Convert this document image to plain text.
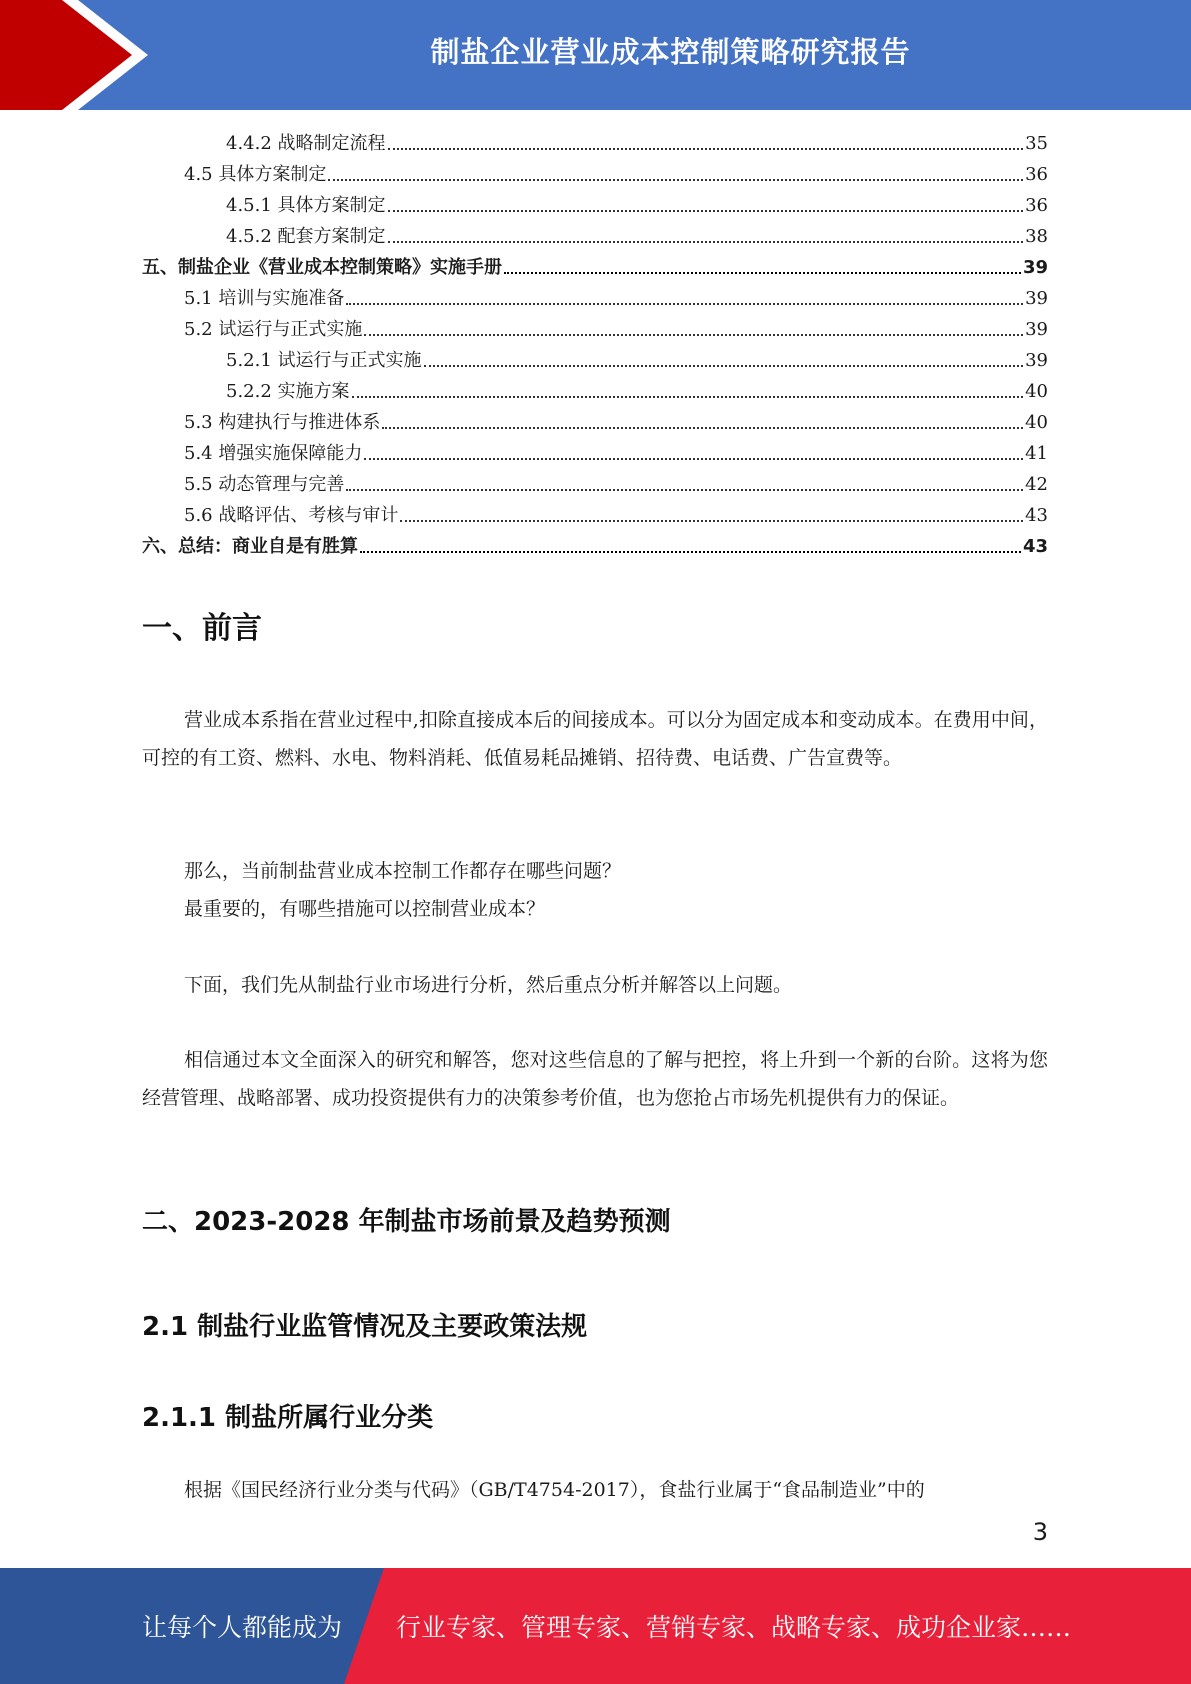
制盐企业营业成本控制策略研究报告
4.4.2 战略制定流程	35
4.5 具体方案制定	36
4.5.1 具体方案制定	36
4.5.2 配套方案制定	38
五、制盐企业《营业成本控制策略》实施手册	39
5.1 培训与实施准备	39
5.2 试运行与正式实施	39
5.2.1 试运行与正式实施	39
5.2.2 实施方案	40
5.3 构建执行与推进体系	40
5.4 增强实施保障能力	41
5.5 动态管理与完善	42
5.6 战略评估、考核与审计	43
六、总结：商业自是有胜算	43
一、前言
营业成本系指在营业过程中,扣除直接成本后的间接成本。可以分为固定成本和变动成本。在费用中间，可控的有工资、燃料、水电、物料消耗、低值易耗品摊销、招待费、电话费、广告宣费等。
那么，当前制盐营业成本控制工作都存在哪些问题？
最重要的，有哪些措施可以控制营业成本？
下面，我们先从制盐行业市场进行分析，然后重点分析并解答以上问题。
相信通过本文全面深入的研究和解答，您对这些信息的了解与把控，将上升到一个新的台阶。这将为您经营管理、战略部署、成功投资提供有力的决策参考价值，也为您抢占市场先机提供有力的保证。
二、2023-2028 年制盐市场前景及趋势预测
2.1 制盐行业监管情况及主要政策法规
2.1.1 制盐所属行业分类
根据《国民经济行业分类与代码》（GB/T4754-2017），食盐行业属于“食品制造业”中的
3
让每个人都能成为 行业专家、管理专家、营销专家、战略专家、成功企业家……
